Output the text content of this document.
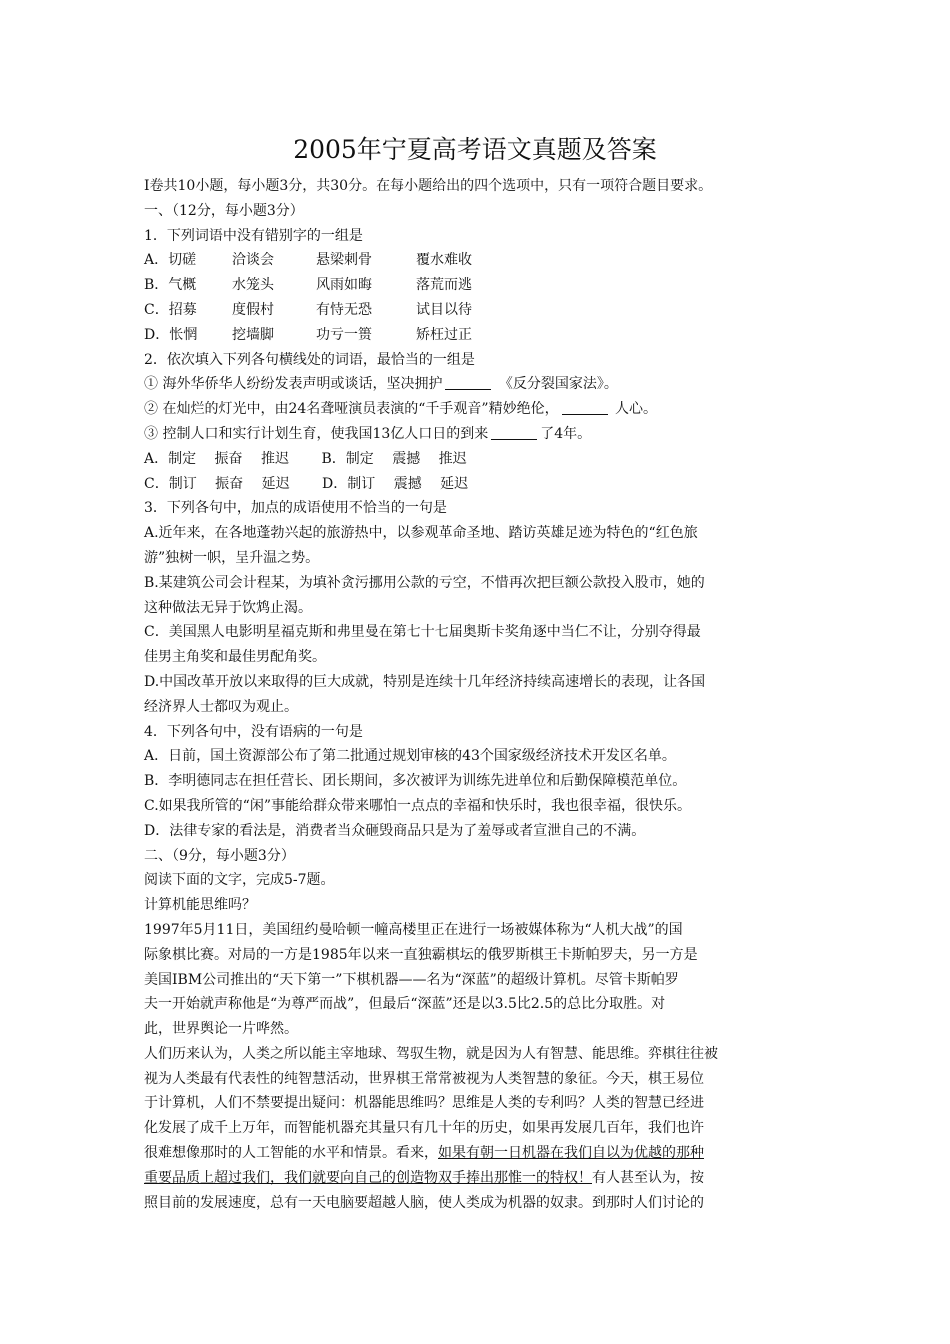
2005年宁夏高考语文真题及答案
Ⅰ卷共10小题，每小题3分，共30分。在每小题给出的四个选项中，只有一项符合题目要求。
一、（12分，每小题3分）
1．下列词语中没有错别字的一组是
A．切磋	洽谈会	悬梁刺骨	覆水难收
B．气概	水笼头	风雨如晦	落荒而逃
C．招募	度假村	有恃无恐	试目以待
D．怅惘 挖墙脚	功亏一篑	矫枉过正
2．依次填入下列各句横线处的词语，最恰当的一组是
① 海外华侨华人纷纷发表声明或谈话，坚决拥护	《反分裂国家法》。
② 在灿烂的灯光中，由24名聋哑演员表演的“千手观音”精妙绝伦，	人心。
③ 控制人口和实行计划生育，使我国13亿人口日的到来	了4年。
A．制定　 振奋　 推迟　 　B．制定　 震撼　 推迟
C．制订　 振奋　 延迟　 　D．制订　 震撼　 延迟
3．下列各句中，加点的成语使用不恰当的一句是
A.近年来，在各地蓬勃兴起的旅游热中，以参观革命圣地、踏访英雄足迹为特色的“红色旅
游”独树一帜，呈升温之势。
B.某建筑公司会计程某，为填补贪污挪用公款的亏空，不惜再次把巨额公款投入股市，她的
这种做法无异于饮鸩止渴。
C．美国黑人电影明星福克斯和弗里曼在第七十七届奥斯卡奖角逐中当仁不让，分别夺得最
佳男主角奖和最佳男配角奖。
D.中国改革开放以来取得的巨大成就，特别是连续十几年经济持续高速增长的表现，让各国
经济界人士都叹为观止。
4．下列各句中，没有语病的一句是
A．日前，国土资源部公布了第二批通过规划审核的43个国家级经济技术开发区名单。
B．李明德同志在担任营长、团长期间，多次被评为训练先进单位和后勤保障模范单位。
C.如果我所管的“闲”事能给群众带来哪怕一点点的幸福和快乐时，我也很幸福，很快乐。
D．法律专家的看法是，消费者当众砸毁商品只是为了羞辱或者宣泄自己的不满。
二、（9分，每小题3分）
阅读下面的文字，完成5-7题。
计算机能思维吗？
1997年5月11日，美国纽约曼哈顿一幢高楼里正在进行一场被媒体称为“人机大战”的国
际象棋比赛。对局的一方是1985年以来一直独霸棋坛的俄罗斯棋王卡斯帕罗夫，另一方是
美国IBM公司推出的“天下第一”下棋机器——名为“深蓝”的超级计算机。尽管卡斯帕罗
夫一开始就声称他是“为尊严而战”，但最后“深蓝”还是以3.5比2.5的总比分取胜。对
此，世界舆论一片哗然。
人们历来认为，人类之所以能主宰地球、驾驭生物，就是因为人有智慧、能思维。弈棋往往被
视为人类最有代表性的纯智慧活动，世界棋王常常被视为人类智慧的象征。今天，棋王易位
于计算机，人们不禁要提出疑问：机器能思维吗？思维是人类的专利吗？人类的智慧已经进
化发展了成千上万年，而智能机器充其量只有几十年的历史，如果再发展几百年，我们也许
很难想像那时的人工智能的水平和情景。看来，如果有朝一日机器在我们自以为优越的那种
重要品质上超过我们，我们就要向自己的创造物双手捧出那惟一的特权！有人甚至认为，按
照目前的发展速度，总有一天电脑要超越人脑，使人类成为机器的奴隶。到那时人们讨论的
